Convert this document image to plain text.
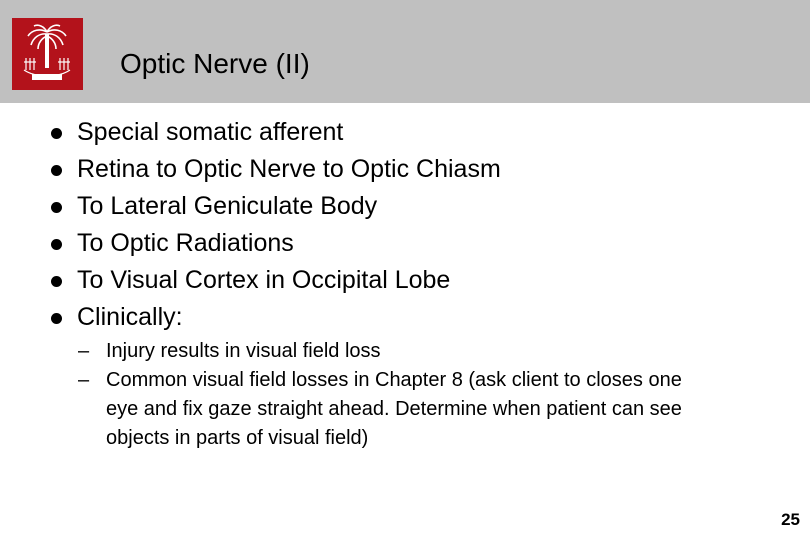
Optic Nerve (II)
Special somatic afferent
Retina to Optic Nerve to Optic Chiasm
To Lateral Geniculate Body
To Optic Radiations
To Visual Cortex in Occipital Lobe
Clinically:
– Injury results in visual field loss
– Common visual field losses in Chapter 8 (ask client to closes one eye and fix gaze straight ahead. Determine when patient can see objects in parts of visual field)
25
